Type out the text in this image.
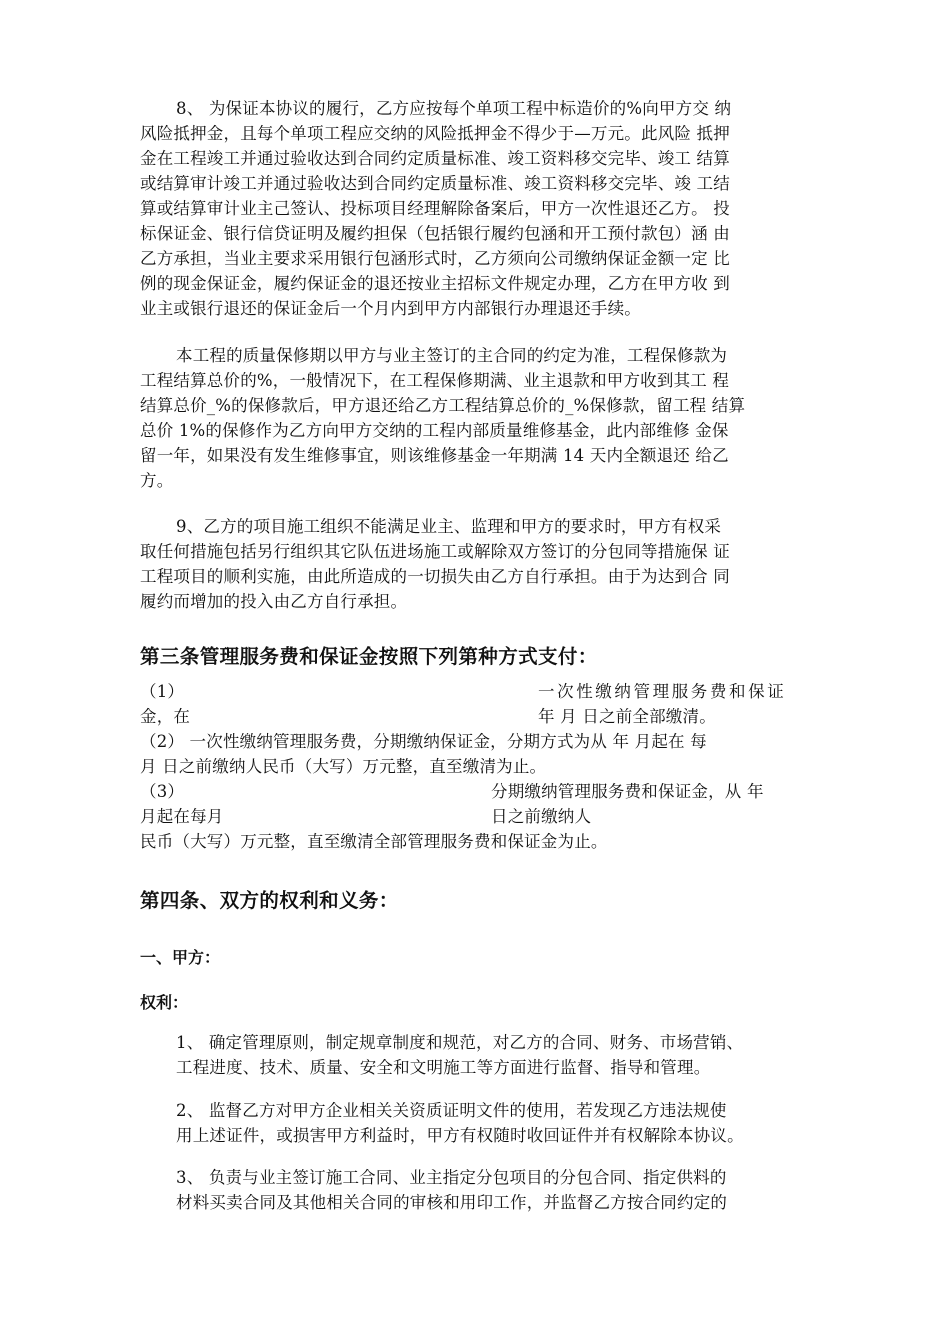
8、 为保证本协议的履行，乙方应按每个单项工程中标造价的%向甲方交 纳
风险抵押金，且每个单项工程应交纳的风险抵押金不得少于—万元。此风险 抵押
金在工程竣工并通过验收达到合同约定质量标准、竣工资料移交完毕、竣工 结算
或结算审计竣工并通过验收达到合同约定质量标准、竣工资料移交完毕、竣 工结
算或结算审计业主己签认、投标项目经理解除备案后，甲方一次性退还乙方。 投
标保证金、银行信贷证明及履约担保（包括银行履约包涵和开工预付款包）涵 由
乙方承担，当业主要求采用银行包涵形式时，乙方须向公司缴纳保证金额一定 比
例的现金保证金，履约保证金的退还按业主招标文件规定办理，乙方在甲方收 到
业主或银行退还的保证金后一个月内到甲方内部银行办理退还手续。
本工程的质量保修期以甲方与业主签订的主合同的约定为准，工程保修款为
工程结算总价的%，一般情况下，在工程保修期满、业主退款和甲方收到其工 程
结算总价_%的保修款后，甲方退还给乙方工程结算总价的_%保修款，留工程 结算
总价 1%的保修作为乙方向甲方交纳的工程内部质量维修基金，此内部维修 金保
留一年，如果没有发生维修事宜，则该维修基金一年期满 14 天内全额退还 给乙
方。
9、乙方的项目施工组织不能满足业主、监理和甲方的要求时，甲方有权采
取任何措施包括另行组织其它队伍进场施工或解除双方签订的分包同等措施保 证
工程项目的顺利实施，由此所造成的一切损失由乙方自行承担。由于为达到合 同
履约而增加的投入由乙方自行承担。
第三条管理服务费和保证金按照下列第种方式支付：
（1）
金，在
一次性缴纳管理服务费和保证
年 月 日之前全部缴清。
（2） 一次性缴纳管理服务费，分期缴纳保证金，分期方式为从 年 月起在 每
月 日之前缴纳人民币（大写）万元整，直至缴清为止。
（3）
月起在每月
分期缴纳管理服务费和保证金，从 年
日之前缴纳人
民币（大写）万元整，直至缴清全部管理服务费和保证金为止。
第四条、双方的权利和义务：
一、甲方：
权利：
1、 确定管理原则，制定规章制度和规范，对乙方的合同、财务、市场营销、
工程进度、技术、质量、安全和文明施工等方面进行监督、指导和管理。
2、 监督乙方对甲方企业相关关资质证明文件的使用，若发现乙方违法规使
用上述证件，或损害甲方利益时，甲方有权随时收回证件并有权解除本协议。
3、 负责与业主签订施工合同、业主指定分包项目的分包合同、指定供料的
材料买卖合同及其他相关合同的审核和用印工作，并监督乙方按合同约定的
